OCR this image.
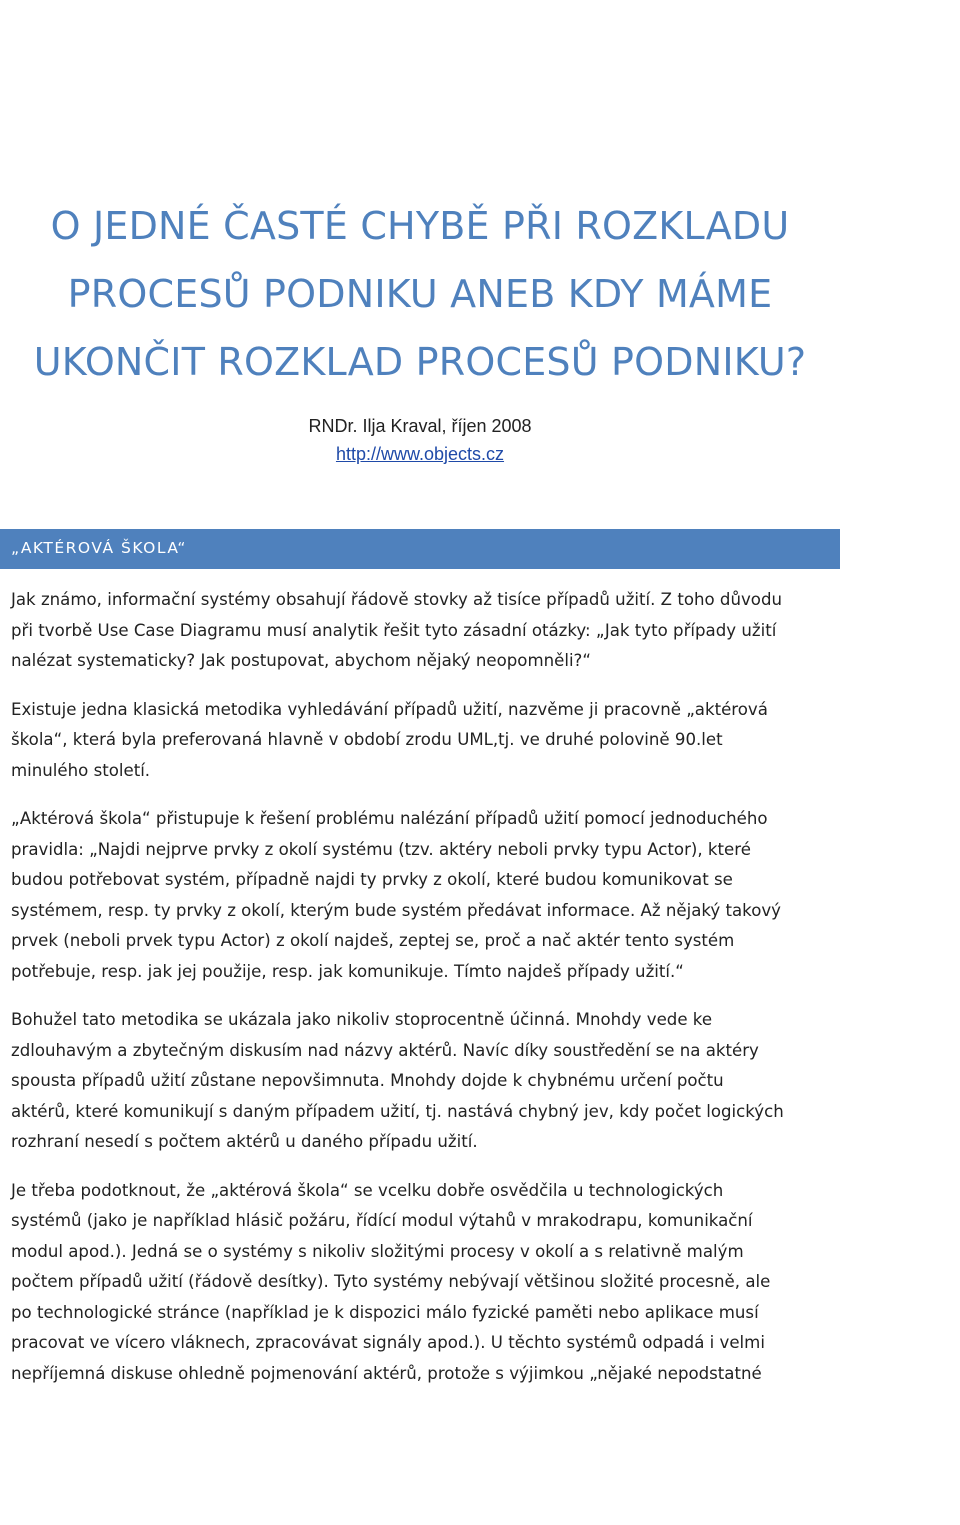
O JEDNÉ ČASTÉ CHYBĚ PŘI ROZKLADU
PROCESŮ PODNIKU ANEB KDY MÁME
UKONČIT ROZKLAD PROCESŮ PODNIKU?
RNDr. Ilja Kraval, říjen 2008
http://www.objects.cz
„AKTÉROVÁ ŠKOLA“

Jak známo, informační systémy obsahují řádově stovky až tisíce případů užití. Z toho důvodu
při tvorbě Use Case Diagramu musí analytik řešit tyto zásadní otázky: „Jak tyto případy užití
nalézat systematicky? Jak postupovat, abychom nějaký neopomněli?“

Existuje jedna klasická metodika vyhledávání případů užití, nazvěme ji pracovně „aktérová
škola“, která byla preferovaná hlavně v období zrodu UML,tj. ve druhé polovině 90.let
minulého století.

„Aktérová škola“ přistupuje k řešení problému nalézání případů užití pomocí jednoduchého
pravidla: „Najdi nejprve prvky z okolí systému (tzv. aktéry neboli prvky typu Actor), které
budou potřebovat systém, případně najdi ty prvky z okolí, které budou komunikovat se
systémem, resp. ty prvky z okolí, kterým bude systém předávat informace. Až nějaký takový
prvek (neboli prvek typu Actor) z okolí najdeš, zeptej se, proč a nač aktér tento systém
potřebuje, resp. jak jej použije, resp. jak komunikuje. Tímto najdeš případy užití.“

Bohužel tato metodika se ukázala jako nikoliv stoprocentně účinná. Mnohdy vede ke
zdlouhavým a zbytečným diskusím nad názvy aktérů. Navíc díky soustředění se na aktéry
spousta případů užití zůstane nepovšimnuta. Mnohdy dojde k chybnému určení počtu
aktérů, které komunikují s daným případem užití, tj. nastává chybný jev, kdy počet logických
rozhraní nesedí s počtem aktérů u daného případu užití.

Je třeba podotknout, že „aktérová škola“ se vcelku dobře osvědčila u technologických
systémů (jako je například hlásič požáru, řídící modul výtahů v mrakodrapu, komunikační
modul apod.). Jedná se o systémy s nikoliv složitými procesy v okolí a s relativně malým
počtem případů užití (řádově desítky). Tyto systémy nebývají většinou složité procesně, ale
po technologické stránce (například je k dispozici málo fyzické paměti nebo aplikace musí
pracovat ve vícero vláknech, zpracovávat signály apod.). U těchto systémů odpadá i velmi
nepříjemná diskuse ohledně pojmenování aktérů, protože s výjimkou „nějaké nepodstatné
